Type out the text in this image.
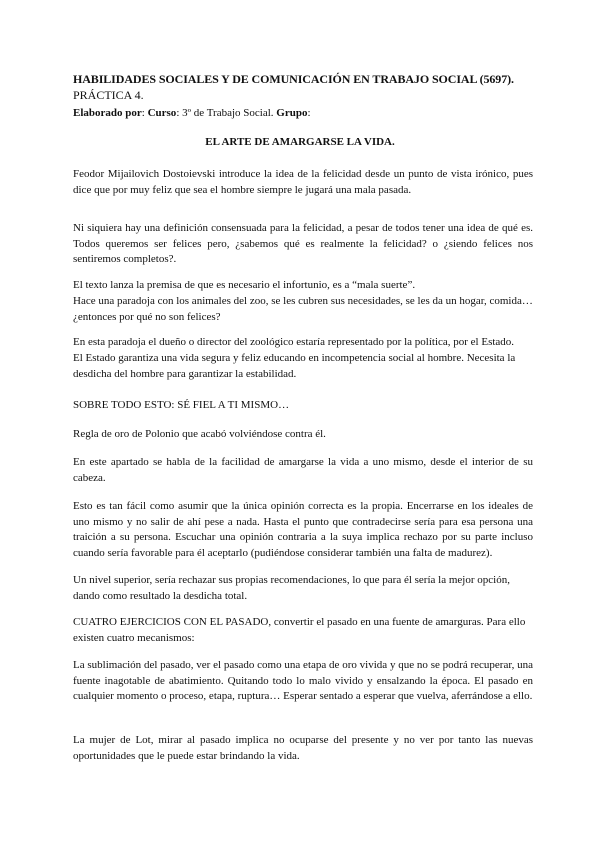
HABILIDADES SOCIALES Y DE COMUNICACIÓN EN TRABAJO SOCIAL (5697).
PRÁCTICA 4.
Elaborado por: Curso: 3º de Trabajo Social. Grupo:
EL ARTE DE AMARGARSE LA VIDA.

Feodor Mijailovich Dostoievski introduce la idea de la felicidad desde un punto de vista irónico, pues dice que por muy feliz que sea el hombre siempre le jugará una mala pasada.

Ni siquiera hay una definición consensuada para la felicidad, a pesar de todos tener una idea de qué es. Todos queremos ser felices pero, ¿sabemos qué es realmente la felicidad? o ¿siendo felices nos sentiremos completos?.

El texto lanza la premisa de que es necesario el infortunio, es a “mala suerte”.

Hace una paradoja con los animales del zoo, se les cubren sus necesidades, se les da un hogar, comida… ¿entonces por qué no son felices?

En esta paradoja el dueño o director del zoológico estaría representado por la política, por el Estado.

El Estado garantiza una vida segura y feliz educando en incompetencia social al hombre. Necesita la desdicha del hombre para garantizar la estabilidad.

SOBRE TODO ESTO: SÉ FIEL A TI MISMO…

Regla de oro de Polonio que acabó volviéndose contra él.

En este apartado se habla de la facilidad de amargarse la vida a uno mismo, desde el interior de su cabeza.

Esto es tan fácil como asumir que la única opinión correcta es la propia. Encerrarse en los ideales de uno mismo y no salir de ahí pese a nada. Hasta el punto que contradecirse sería para esa persona una traición a su persona. Escuchar una opinión contraria a la suya implica rechazo por su parte incluso cuando sería favorable para él aceptarlo (pudiéndose considerar también una falta de madurez).

Un nivel superior, sería rechazar sus propias recomendaciones, lo que para él sería la mejor opción, dando como resultado la desdicha total.

CUATRO EJERCICIOS CON EL PASADO, convertir el pasado en una fuente de amarguras. Para ello existen cuatro mecanismos:

La sublimación del pasado, ver el pasado como una etapa de oro vivida y que no se podrá recuperar, una fuente inagotable de abatimiento. Quitando todo lo malo vivido y ensalzando la época. El pasado en cualquier momento o proceso, etapa, ruptura… Esperar sentado a esperar que vuelva, aferrándose a ello.

La mujer de Lot, mirar al pasado implica no ocuparse del presente y no ver por tanto las nuevas oportunidades que le puede estar brindando la vida.
